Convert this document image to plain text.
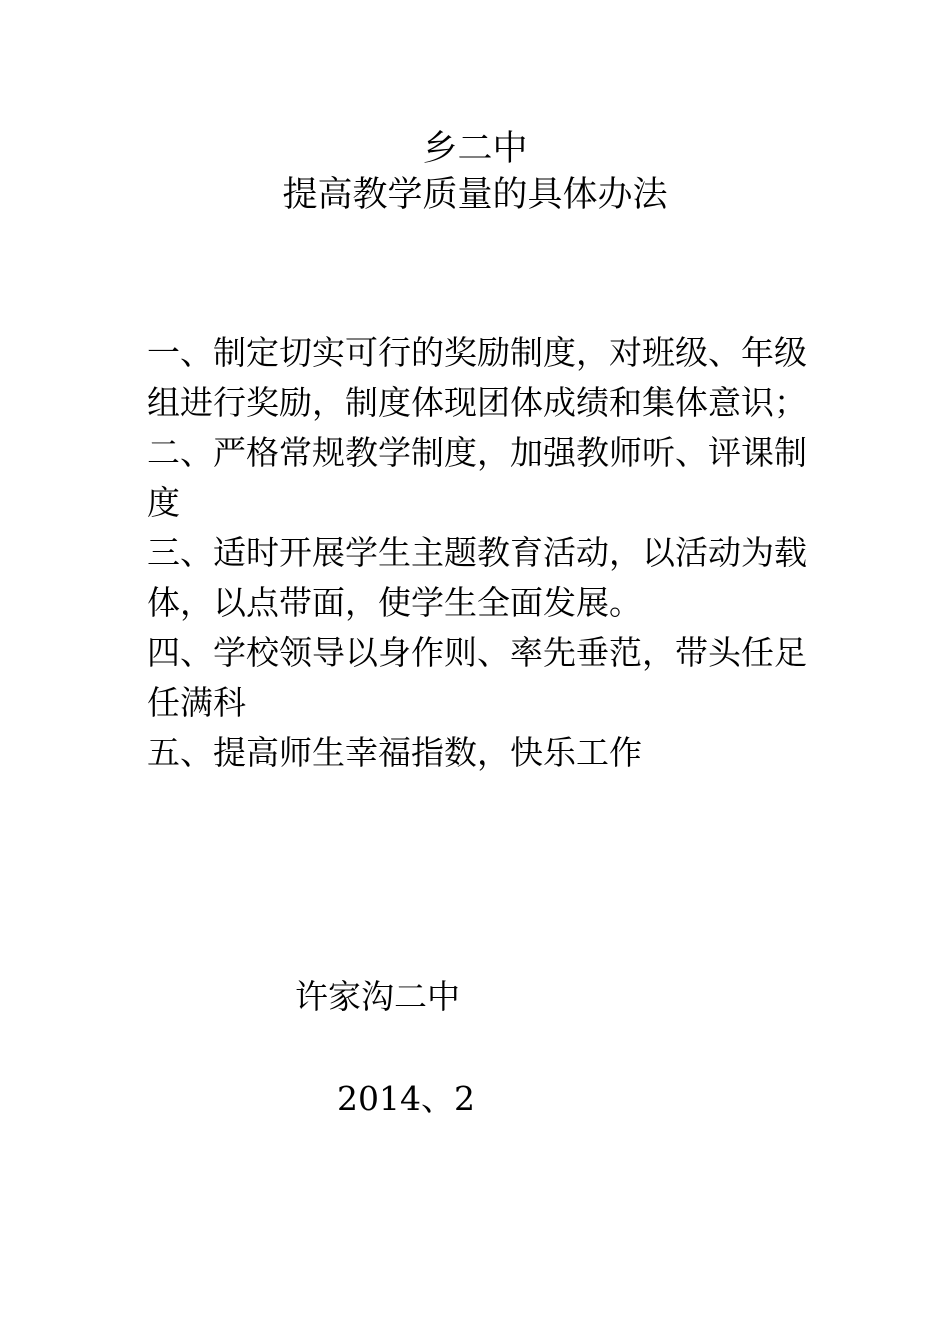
乡二中
提高教学质量的具体办法

一、制定切实可行的奖励制度，对班级、年级组进行奖励，制度体现团体成绩和集体意识；

二、严格常规教学制度，加强教师听、评课制度

三、适时开展学生主题教育活动，以活动为载体，以点带面，使学生全面发展。

四、学校领导以身作则、率先垂范，带头任足任满科

五、提高师生幸福指数，快乐工作

许家沟二中
2014、2
